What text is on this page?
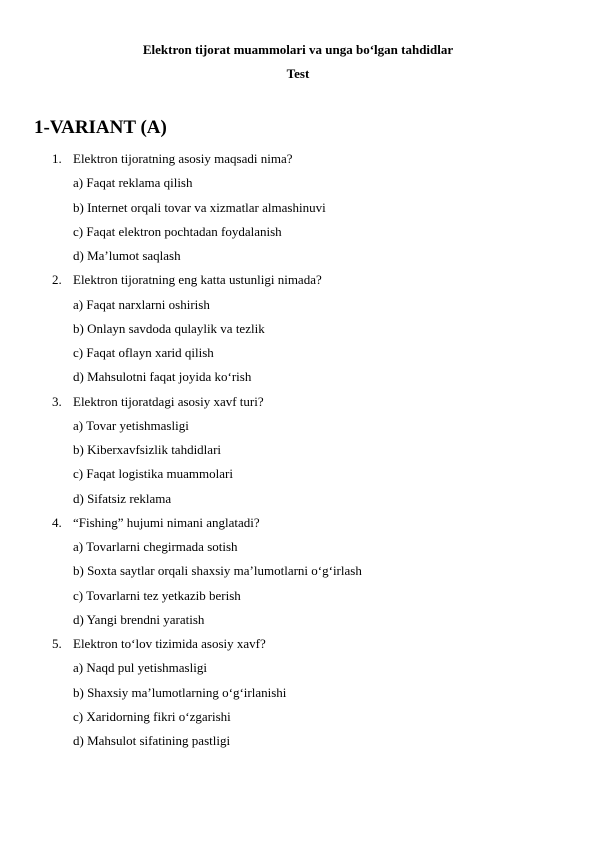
Elektron tijorat muammolari va unga bo‘lgan tahdidlar
Test
1-VARIANT (A)
1. Elektron tijoratning asosiy maqsadi nima?
a) Faqat reklama qilish
b) Internet orqali tovar va xizmatlar almashinuvi
c) Faqat elektron pochtadan foydalanish
d) Ma’lumot saqlash
2. Elektron tijoratning eng katta ustunligi nimada?
a) Faqat narxlarni oshirish
b) Onlayn savdoda qulaylik va tezlik
c) Faqat oflayn xarid qilish
d) Mahsulotni faqat joyida ko‘rish
3. Elektron tijoratdagi asosiy xavf turi?
a) Tovar yetishmasligi
b) Kiberxavfsizlik tahdidlari
c) Faqat logistika muammolari
d) Sifatsiz reklama
4. “Fishing” hujumi nimani anglatadi?
a) Tovarlarni chegirmada sotish
b) Soxta saytlar orqali shaxsiy ma’lumotlarni o‘g‘irlash
c) Tovarlarni tez yetkazib berish
d) Yangi brendni yaratish
5. Elektron to‘lov tizimida asosiy xavf?
a) Naqd pul yetishmasligi
b) Shaxsiy ma’lumotlarning o‘g‘irlanishi
c) Xaridorning fikri o‘zgarishi
d) Mahsulot sifatining pastligi
